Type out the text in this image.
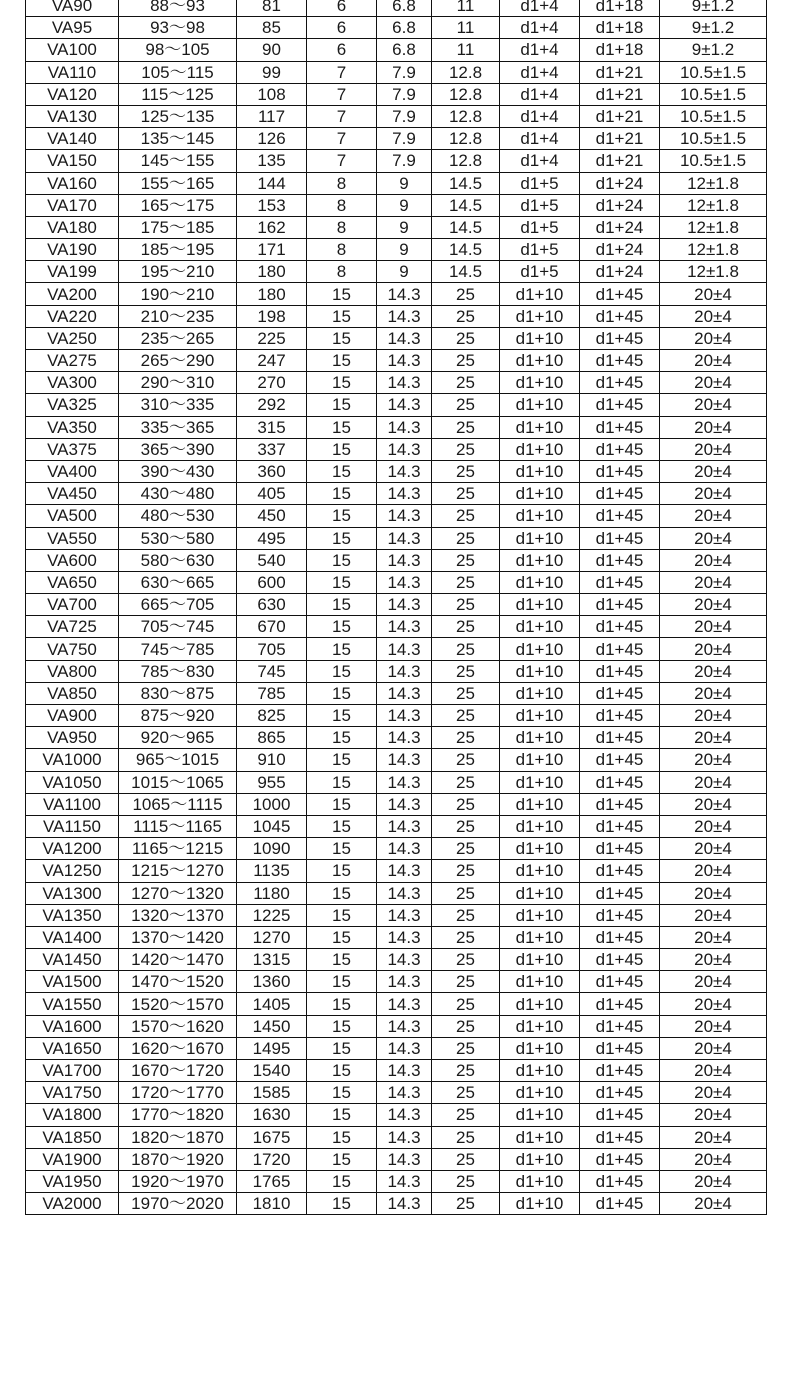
VA90	88～93	81	6	6.8	11	d1+4	d1+18	9±1.2
VA95	93～98	85	6	6.8	11	d1+4	d1+18	9±1.2
VA100	98～105	90	6	6.8	11	d1+4	d1+18	9±1.2
VA110	105～115	99	7	7.9	12.8	d1+4	d1+21	10.5±1.5
VA120	115～125	108	7	7.9	12.8	d1+4	d1+21	10.5±1.5
VA130	125～135	117	7	7.9	12.8	d1+4	d1+21	10.5±1.5
VA140	135～145	126	7	7.9	12.8	d1+4	d1+21	10.5±1.5
VA150	145～155	135	7	7.9	12.8	d1+4	d1+21	10.5±1.5
VA160	155～165	144	8	9	14.5	d1+5	d1+24	12±1.8
VA170	165～175	153	8	9	14.5	d1+5	d1+24	12±1.8
VA180	175～185	162	8	9	14.5	d1+5	d1+24	12±1.8
VA190	185～195	171	8	9	14.5	d1+5	d1+24	12±1.8
VA199	195～210	180	8	9	14.5	d1+5	d1+24	12±1.8
VA200	190～210	180	15	14.3	25	d1+10	d1+45	20±4
VA220	210～235	198	15	14.3	25	d1+10	d1+45	20±4
VA250	235～265	225	15	14.3	25	d1+10	d1+45	20±4
VA275	265～290	247	15	14.3	25	d1+10	d1+45	20±4
VA300	290～310	270	15	14.3	25	d1+10	d1+45	20±4
VA325	310～335	292	15	14.3	25	d1+10	d1+45	20±4
VA350	335～365	315	15	14.3	25	d1+10	d1+45	20±4
VA375	365～390	337	15	14.3	25	d1+10	d1+45	20±4
VA400	390～430	360	15	14.3	25	d1+10	d1+45	20±4
VA450	430～480	405	15	14.3	25	d1+10	d1+45	20±4
VA500	480～530	450	15	14.3	25	d1+10	d1+45	20±4
VA550	530～580	495	15	14.3	25	d1+10	d1+45	20±4
VA600	580～630	540	15	14.3	25	d1+10	d1+45	20±4
VA650	630～665	600	15	14.3	25	d1+10	d1+45	20±4
VA700	665～705	630	15	14.3	25	d1+10	d1+45	20±4
VA725	705～745	670	15	14.3	25	d1+10	d1+45	20±4
VA750	745～785	705	15	14.3	25	d1+10	d1+45	20±4
VA800	785～830	745	15	14.3	25	d1+10	d1+45	20±4
VA850	830～875	785	15	14.3	25	d1+10	d1+45	20±4
VA900	875～920	825	15	14.3	25	d1+10	d1+45	20±4
VA950	920～965	865	15	14.3	25	d1+10	d1+45	20±4
VA1000	965～1015	910	15	14.3	25	d1+10	d1+45	20±4
VA1050	1015～1065	955	15	14.3	25	d1+10	d1+45	20±4
VA1100	1065～1115	1000	15	14.3	25	d1+10	d1+45	20±4
VA1150	1115～1165	1045	15	14.3	25	d1+10	d1+45	20±4
VA1200	1165～1215	1090	15	14.3	25	d1+10	d1+45	20±4
VA1250	1215～1270	1135	15	14.3	25	d1+10	d1+45	20±4
VA1300	1270～1320	1180	15	14.3	25	d1+10	d1+45	20±4
VA1350	1320～1370	1225	15	14.3	25	d1+10	d1+45	20±4
VA1400	1370～1420	1270	15	14.3	25	d1+10	d1+45	20±4
VA1450	1420～1470	1315	15	14.3	25	d1+10	d1+45	20±4
VA1500	1470～1520	1360	15	14.3	25	d1+10	d1+45	20±4
VA1550	1520～1570	1405	15	14.3	25	d1+10	d1+45	20±4
VA1600	1570～1620	1450	15	14.3	25	d1+10	d1+45	20±4
VA1650	1620～1670	1495	15	14.3	25	d1+10	d1+45	20±4
VA1700	1670～1720	1540	15	14.3	25	d1+10	d1+45	20±4
VA1750	1720～1770	1585	15	14.3	25	d1+10	d1+45	20±4
VA1800	1770～1820	1630	15	14.3	25	d1+10	d1+45	20±4
VA1850	1820～1870	1675	15	14.3	25	d1+10	d1+45	20±4
VA1900	1870～1920	1720	15	14.3	25	d1+10	d1+45	20±4
VA1950	1920～1970	1765	15	14.3	25	d1+10	d1+45	20±4
VA2000	1970～2020	1810	15	14.3	25	d1+10	d1+45	20±4
